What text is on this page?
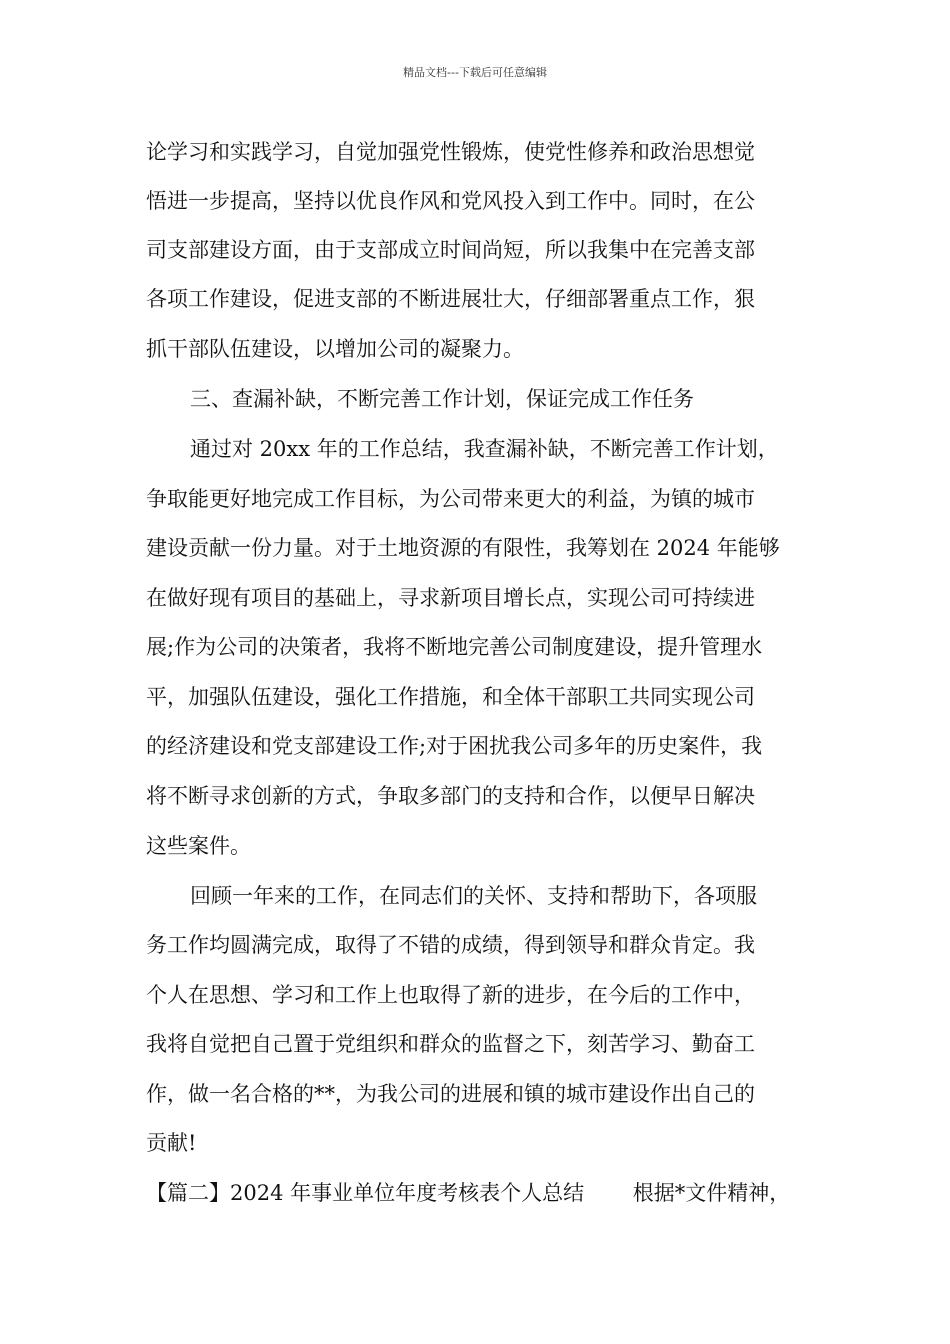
精品文档---下载后可任意编辑
论学习和实践学习，自觉加强党性锻炼，使党性修养和政治思想觉
悟进一步提高，坚持以优良作风和党风投入到工作中。同时，在公
司支部建设方面，由于支部成立时间尚短，所以我集中在完善支部
各项工作建设，促进支部的不断进展壮大，仔细部署重点工作，狠
抓干部队伍建设，以增加公司的凝聚力。
三、查漏补缺，不断完善工作计划，保证完成工作任务
通过对 20xx 年的工作总结，我查漏补缺，不断完善工作计划，
争取能更好地完成工作目标，为公司带来更大的利益，为镇的城市
建设贡献一份力量。对于土地资源的有限性，我筹划在 2024 年能够
在做好现有项目的基础上，寻求新项目增长点，实现公司可持续进
展;作为公司的决策者，我将不断地完善公司制度建设，提升管理水
平，加强队伍建设，强化工作措施，和全体干部职工共同实现公司
的经济建设和党支部建设工作;对于困扰我公司多年的历史案件，我
将不断寻求创新的方式，争取多部门的支持和合作，以便早日解决
这些案件。
回顾一年来的工作，在同志们的关怀、支持和帮助下，各项服
务工作均圆满完成，取得了不错的成绩，得到领导和群众肯定。我
个人在思想、学习和工作上也取得了新的进步，在今后的工作中，
我将自觉把自己置于党组织和群众的监督之下，刻苦学习、勤奋工
作，做一名合格的**，为我公司的进展和镇的城市建设作出自己的
贡献!
【篇二】2024 年事业单位年度考核表个人总结　　 根据*文件精神，
